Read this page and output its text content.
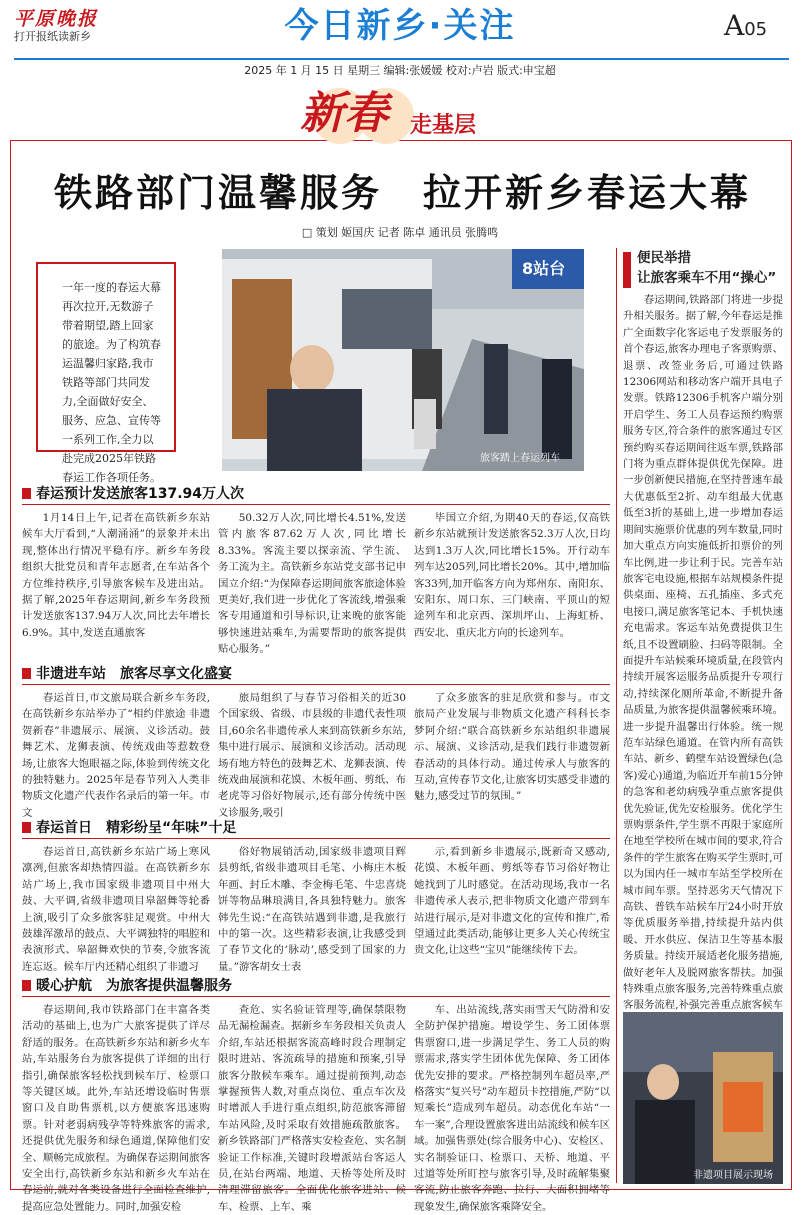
平原晚报
打开报纸读新乡	今日新乡·关注	A05
2025 年 1 月 15 日 星期三 编辑:张媛媛 校对:卢岩 版式:申宝超
新春 走基层
铁路部门温馨服务　拉开新乡春运大幕
□ 策划 姬国庆 记者 陈卓 通讯员 张腾鸣
一年一度的春运大幕再次拉开,无数游子带着期望,踏上回家的旅途。为了构筑春运温馨归家路,我市铁路等部门共同发力,全面做好安全、服务、应急、宣传等一系列工作,全力以赴完成2025年铁路春运工作各项任务。
8站台
旅客踏上春运列车
便民举措
让旅客乘车不用“操心”

春运期间,铁路部门将进一步提升相关服务。据了解,今年春运是推广全面数字化客运电子发票服务的首个春运,旅客办理电子客票购票、退票、改签业务后,可通过铁路12306网站和移动客户端开具电子发票。铁路12306手机客户端分别开启学生、务工人员春运预约购票服务专区,符合条件的旅客通过专区预约购买春运期间往返车票,铁路部门将为重点群体提供优先保障。进一步创新便民措施,在坚持普速车最大优惠低至2折、动车组最大优惠低至3折的基础上,进一步增加春运期间实施票价优惠的列车数量,同时加大重点方向实施低折扣票价的列车比例,进一步让利于民。完善车站旅客宅电设施,根据车站规模条件提供桌面、座椅、五孔插座、多式充电接口,满足旅客笔记本、手机快速充电需求。客运车站免费提供卫生纸,且不设置刷脸、扫码等限制。全面提升车站候乘环境质量,在段管内持续开展客运服务品质提升专项行动,持续深化厕所革命,不断提升备品质量,为旅客提供温馨候乘环境。进一步提升温馨出行体验。统一规范车站绿色通道。在管内所有高铁车站、新乡、鹤壁车站设置绿色(急客)爱心)通道,为临近开车前15分钟的急客和老幼病残孕重点旅客提供优先验证,优先安检服务。优化学生票购票条件,学生票不再限于家庭所在地至学校所在城市间的要求,符合条件的学生旅客在购买学生票时,可以为国内任一城市车站至学校所在城市间车票。坚持恶劣天气情况下高铁、普铁车站候车厅24小时开放等优质服务举措,持续提升站内供暖、开水供应、保洁卫生等基本服务质量。持续开展适老化服务措施,做好老年人及脱网旅客帮扶。加强特殊重点旅客服务,完善特殊重点旅客服务流程,补强完善重点旅客候车

非遗项目展示现场
春运预计发送旅客137.94万人次

1月14日上午,记者在高铁新乡东站候车大厅看到,“人潮涌涌”的景象并未出现,整体出行情况平稳有序。新乡车务段组织大批党员和青年志愿者,在车站各个方位维持秩序,引导旅客候车及进出站。据了解,2025年春运期间,新乡车务段预计发送旅客137.94万人次,同比去年增长6.9%。其中,发送直通旅客

50.32万人次,同比增长4.51%,发送管内旅客87.62万人次,同比增长8.33%。客流主要以探亲流、学生流、务工流为主。高铁新乡东站党支部书记申国立介绍:“为保障春运期间旅客旅途体验更美好,我们进一步优化了客流线,增强乘客专用通道和引导标识,让来晚的旅客能够快速进站乘车,为需要帮助的旅客提供贴心服务。”

毕国立介绍,为期40天的春运,仅高铁新乡东站就预计发送旅客52.3万人次,日均达到1.3万人次,同比增长15%。开行动车列车达205列,同比增长20%。其中,增加临客33列,加开临客方向为郑州东、南阳东、安阳东、周口东、三门峡南、平顶山的短途列车和北京西、深圳坪山、上海虹桥、西安北、重庆北方向的长途列车。

非遗进车站　旅客尽享文化盛宴

春运首日,市文旅局联合新乡车务段,在高铁新乡东站举办了“相约伴旅途 非遗贺新春”非遗展示、展演、义诊活动。鼓舞艺术、龙狮表演、传统戏曲等惹数登场,让旅客大饱眼福之际,体验到传统文化的独特魅力。2025年是春节列入人类非物质文化遗产代表作名录后的第一年。市文

旅局组织了与春节习俗相关的近30个国家级、省级、市县级的非遗代表性项目,60余名非遗传承人来到高铁新乡东站,集中进行展示、展演和义诊活动。活动现场有地方特色的鼓舞艺术、龙狮表演、传统戏曲展演和花馍、木板年画、剪纸、布老虎等习俗好物展示,还有部分传统中医义诊服务,吸引

了众多旅客的驻足欣赏和参与。市文旅局产业发展与非物质文化遗产科科长李梦阿介绍:“联合高铁新乡东站组织非遗展示、展演、义诊活动,是我们践行非遗贺新春活动的具体行动。通过传承人与旅客的互动,宣传春节文化,让旅客切实感受非遗的魅力,感受过节的氛围。”

春运首日　精彩纷呈“年味”十足

春运首日,高铁新乡东站广场上寒风凛冽,但旅客却热情四溢。在高铁新乡东站广场上,我市国家级非遗项目中州大鼓、大平调,省级非遗项目皋韶舞等轮番上演,吸引了众多旅客驻足观赏。中州大鼓雄浑激昂的鼓点、大平调独特的唱腔和表演形式、皋韶舞欢快的节奏,令旅客流连忘返。候车厅内还精心组织了非遗习

俗好物展销活动,国家级非遗项目辉县剪纸,省级非遗项目毛笔、小梅庄木板年画、封丘木雕、李金梅毛笔、牛忠喜烧饼等物品琳琅满目,各具独特魅力。旅客韩先生说:“在高铁站遇到非遗,是我旅行中的第一次。这些精彩表演,让我感受到了春节文化的‘脉动’,感受到了国家的力量。”游客胡女士表

示,看到新乡非遗展示,既新奇又感动,花馍、木板年画、剪纸等春节习俗好物让她找到了儿时感觉。在活动现场,我市一名非遗传承人表示,把非物质文化遗产带到车站进行展示,是对非遗文化的宣传和推广,希望通过此类活动,能够让更多人关心传统宝贵文化,让这些“宝贝”能继续传下去。

暖心护航　为旅客提供温馨服务

春运期间,我市铁路部门在丰富各类活动的基础上,也为广大旅客提供了详尽舒适的服务。在高铁新乡东站和新乡火车站,车站服务台为旅客提供了详细的出行指引,确保旅客轻松找到候车厅、检票口等关键区域。此外,车站还增设临时售票窗口及自助售票机,以方便旅客迅速购票。针对老弱病残孕等特殊旅客的需求,还提供优先服务和绿色通道,保障他们安全、顺畅完成旅程。为确保春运期间旅客安全出行,高铁新乡东站和新乡火车站在春运前,就对各类设备进行全面检查维护,提高应急处置能力。同时,加强安检

查危、实名验证管理等,确保禁限物品无漏检漏查。据新乡车务段相关负责人介绍,车站还根据客流高峰时段合理制定限时进站、客流疏导的措施和预案,引导旅客分散候车乘车。通过提前预判,动态掌握预售人数,对重点岗位、重点车次及时增派人手进行重点组织,防范旅客滞留车站风险,及时采取有效措施疏散旅客。新乡铁路部门严格落实安检查危、实名制验证工作标准,关键时段增派站台客运人员,在站台两端、地道、天桥等处所及时清理滞留旅客。全面优化旅客进站、候车、检票、上车、乘

车、出站流线,落实雨雪天气防滑和安全防护保护措施。增设学生、务工团体票售票窗口,进一步满足学生、务工人员的购票需求,落实学生团体优先保障、务工团体优先安排的要求。严格控制列车超员率,严格落实“复兴号”动车超员卡控措施,严防“以短乘长”造成列车超员。动态优化车站“一车一案”,合理设置旅客进出站流线和候车区域。加强售票处(综合服务中心)、安检区、实名制验证口、检票口、天桥、地道、平过道等处所盯控与旅客引导,及时疏解集聚客流,防止旅客奔跑、拉行、大面积拥堵等现象发生,确保旅客乘降安全。
